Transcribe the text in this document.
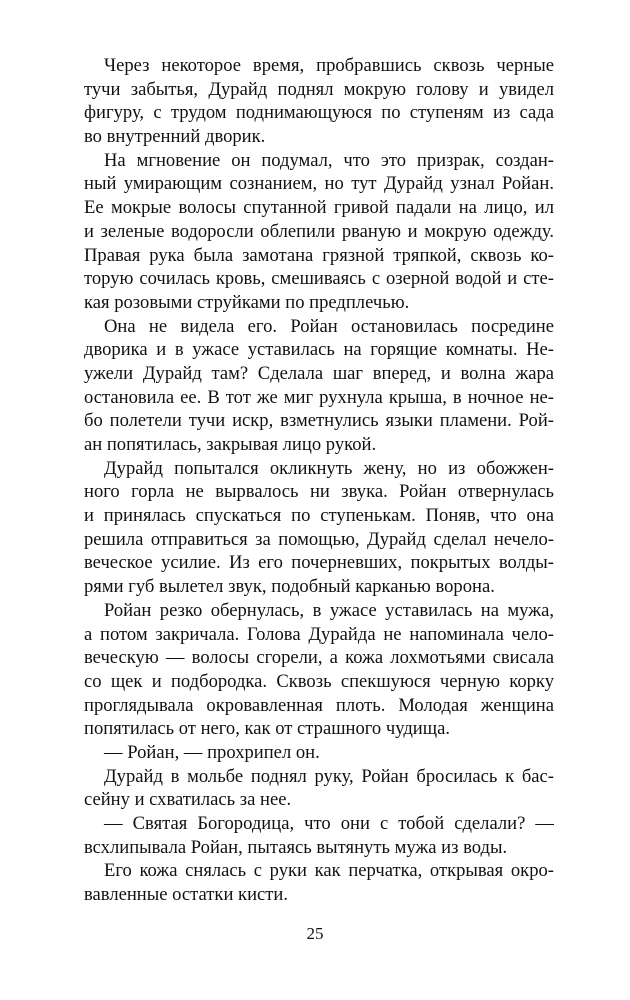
Через некоторое время, пробравшись сквозь черные
тучи забытья, Дурайд поднял мокрую голову и увидел
фигуру, с трудом поднимающуюся по ступеням из сада
во внутренний дворик.

На мгновение он подумал, что это призрак, создан-
ный умирающим сознанием, но тут Дурайд узнал Ройан.
Ее мокрые волосы спутанной гривой падали на лицо, ил
и зеленые водоросли облепили рваную и мокрую одежду.
Правая рука была замотана грязной тряпкой, сквозь ко-
торую сочилась кровь, смешиваясь с озерной водой и сте-
кая розовыми струйками по предплечью.

Она не видела его. Ройан остановилась посредине
дворика и в ужасе уставилась на горящие комнаты. Не-
ужели Дурайд там? Сделала шаг вперед, и волна жара
остановила ее. В тот же миг рухнула крыша, в ночное не-
бо полетели тучи искр, взметнулись языки пламени. Рой-
ан попятилась, закрывая лицо рукой.

Дурайд попытался окликнуть жену, но из обожжен-
ного горла не вырвалось ни звука. Ройан отвернулась
и принялась спускаться по ступенькам. Поняв, что она
решила отправиться за помощью, Дурайд сделал нечело-
веческое усилие. Из его почерневших, покрытых волды-
рями губ вылетел звук, подобный карканью ворона.

Ройан резко обернулась, в ужасе уставилась на мужа,
а потом закричала. Голова Дурайда не напоминала чело-
веческую — волосы сгорели, а кожа лохмотьями свисала
со щек и подбородка. Сквозь спекшуюся черную корку
проглядывала окровавленная плоть. Молодая женщина
попятилась от него, как от страшного чудища.

— Ройан, — прохрипел он.

Дурайд в мольбе поднял руку, Ройан бросилась к бас-
сейну и схватилась за нее.

— Святая Богородица, что они с тобой сделали? —
всхлипывала Ройан, пытаясь вытянуть мужа из воды.

Его кожа снялась с руки как перчатка, открывая окро-
вавленные остатки кисти.

25
